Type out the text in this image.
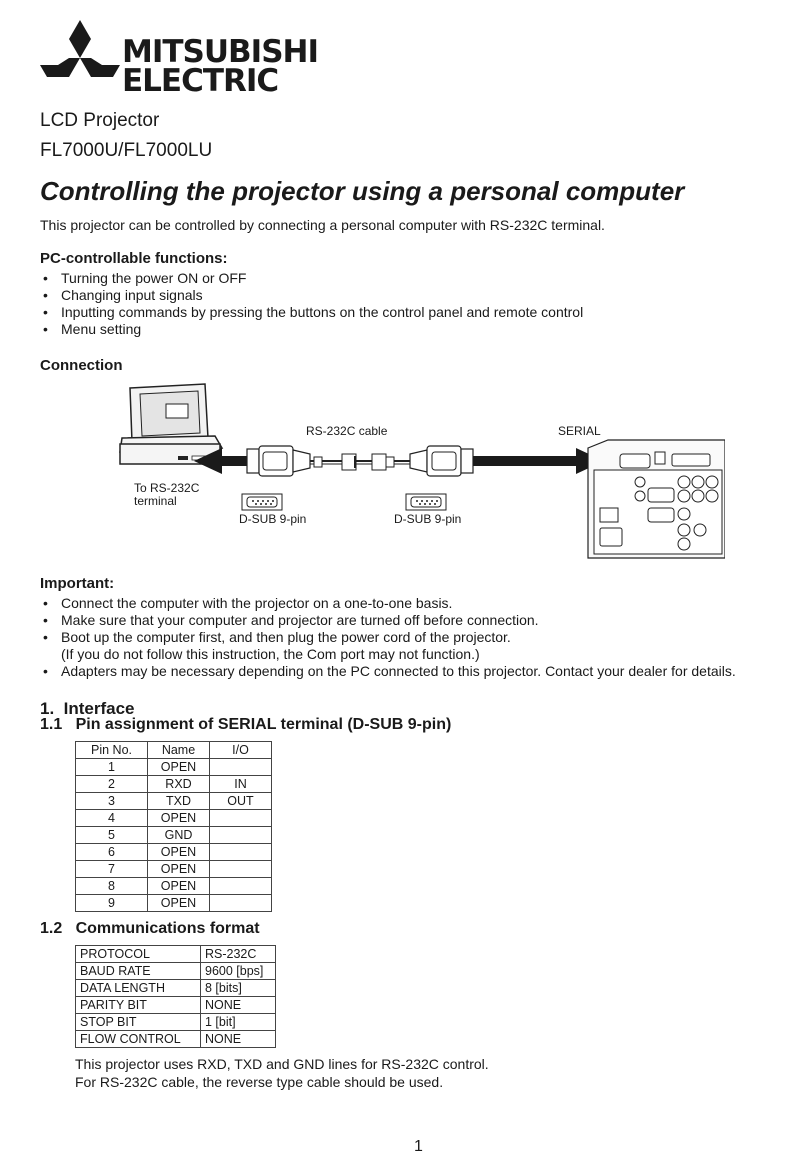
MITSUBISHI
ELECTRIC
LCD Projector
FL7000U/FL7000LU
Controlling the projector using a personal computer
This projector can be controlled by connecting a personal computer with RS-232C terminal.
PC-controllable functions:
• Turning the power ON or OFF
• Changing input signals
• Inputting commands by pressing the buttons on the control panel and remote control
• Menu setting
Connection
RS-232C cable	SERIAL
To RS-232C
terminal
D-SUB 9-pin	D-SUB 9-pin
Important:
• Connect the computer with the projector on a one-to-one basis.
• Make sure that your computer and projector are turned off before connection.
• Boot up the computer first, and then plug the power cord of the projector.
(If you do not follow this instruction, the Com port may not function.)
• Adapters may be necessary depending on the PC connected to this projector. Contact your dealer for details.
1.  Interface
1.1   Pin assignment of SERIAL terminal (D-SUB 9-pin)
Pin No.	Name	I/O
1	OPEN	
2	RXD	IN
3	TXD	OUT
4	OPEN	
5	GND	
6	OPEN	
7	OPEN	
8	OPEN	
9	OPEN	
1.2   Communications format
PROTOCOL	RS-232C
BAUD RATE	9600 [bps]
DATA LENGTH	8 [bits]
PARITY BIT	NONE
STOP BIT	1 [bit]
FLOW CONTROL	NONE
This projector uses RXD, TXD and GND lines for RS-232C control.
For RS-232C cable, the reverse type cable should be used.
1
